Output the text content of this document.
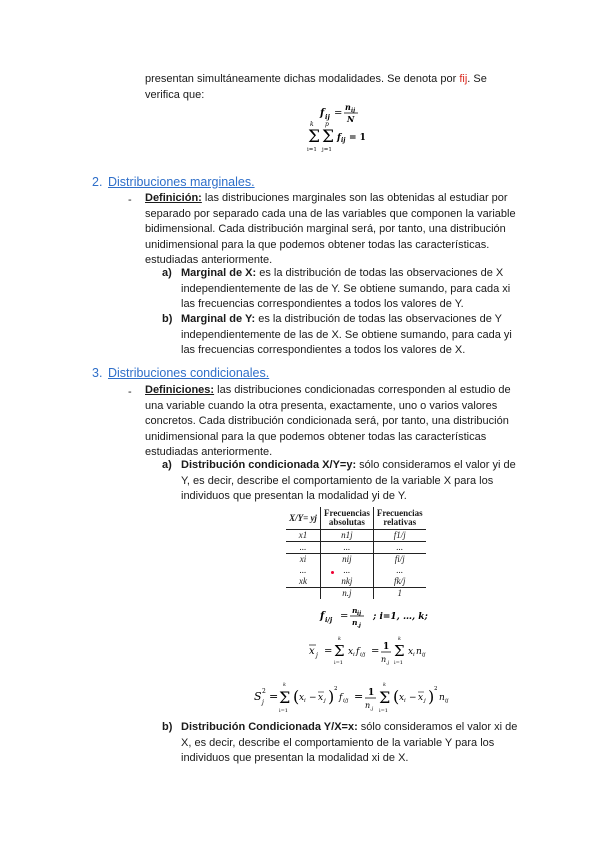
presentan simultáneamente dichas modalidades. Se denota por fij. Se
verifica que:
f ij =
n ij
N
k
Σ
i=1
p
Σ
j=1
f ij = 1
2. Distribuciones marginales.
- Definición: las distribuciones marginales son las obtenidas al estudiar por
separado por separado cada una de las variables que componen la variable
bidimensional. Cada distribución marginal será, por tanto, una distribución
unidimensional para la que podemos obtener todas las características.
estudiadas anteriormente.
a) Marginal de X: es la distribución de todas las observaciones de X
independientemente de las de Y. Se obtiene sumando, para cada xi
las frecuencias correspondientes a todos los valores de Y.
b) Marginal de Y: es la distribución de todas las observaciones de Y
independientemente de las de X. Se obtiene sumando, para cada yi
las frecuencias correspondientes a todos los valores de X.
3. Distribuciones condicionales.
- Definiciones: las distribuciones condicionadas corresponden al estudio de
una variable cuando la otra presenta, exactamente, uno o varios valores
concretos. Cada distribución condicionada será, por tanto, una distribución
unidimensional para la que podemos obtener todas las características
estudiadas anteriormente.
a) Distribución condicionada X/Y=y: sólo consideramos el valor yi de
Y, es decir, describe el comportamiento de la variable X para los
individuos que presentan la modalidad yi de Y.
X/Y= yj	Frecuencias absolutas	Frecuencias relativas
x1	n1j	f1/j
...	...	...
xi	nij	fi/j
...	...	...
xk	nkj	fk/j
	n.j	1
f i/j =
n ij
n .j
; i=1, …, k;
x j =
k
Σ
i=1
x i f i/j = 1
n .j
k
Σ
i=1
x i n ij
S 2
j =
k
Σ
i=1
( x i − x j ) 2
f i/j = 1
n .j
k
Σ
i=1
( x i − x j ) 2
n ij
b) Distribución Condicionada Y/X=x: sólo consideramos el valor xi de
X, es decir, describe el comportamiento de la variable Y para los
individuos que presentan la modalidad xi de X.
